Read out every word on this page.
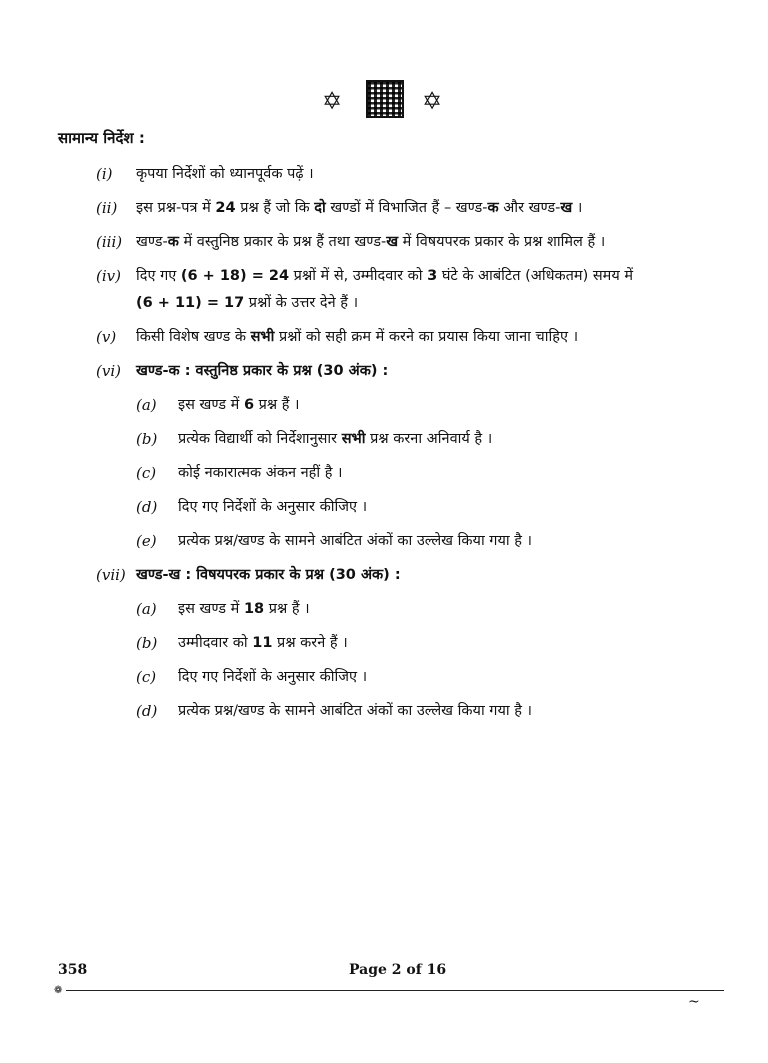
✡	✡
सामान्य निर्देश :
(i) कृपया निर्देशों को ध्यानपूर्वक पढ़ें ।
(ii) इस प्रश्न-पत्र में 24 प्रश्न हैं जो कि दो खण्डों में विभाजित हैं – खण्ड-क और खण्ड-ख ।
(iii) खण्ड-क में वस्तुनिष्ठ प्रकार के प्रश्न हैं तथा खण्ड-ख में विषयपरक प्रकार के प्रश्न शामिल हैं ।
(iv) दिए गए (6 + 18) = 24 प्रश्नों में से, उम्मीदवार को 3 घंटे के आबंटित (अधिकतम) समय में
(6 + 11) = 17 प्रश्नों के उत्तर देने हैं ।
(v) किसी विशेष खण्ड के सभी प्रश्नों को सही क्रम में करने का प्रयास किया जाना चाहिए ।
(vi) खण्ड-क : वस्तुनिष्ठ प्रकार के प्रश्न (30 अंक) :
(a) इस खण्ड में 6 प्रश्न हैं ।
(b) प्रत्येक विद्यार्थी को निर्देशानुसार सभी प्रश्न करना अनिवार्य है ।
(c) कोई नकारात्मक अंकन नहीं है ।
(d) दिए गए निर्देशों के अनुसार कीजिए ।
(e) प्रत्येक प्रश्न/खण्ड के सामने आबंटित अंकों का उल्लेख किया गया है ।
(vii) खण्ड-ख : विषयपरक प्रकार के प्रश्न (30 अंक) :
(a) इस खण्ड में 18 प्रश्न हैं ।
(b) उम्मीदवार को 11 प्रश्न करने हैं ।
(c) दिए गए निर्देशों के अनुसार कीजिए ।
(d) प्रत्येक प्रश्न/खण्ड के सामने आबंटित अंकों का उल्लेख किया गया है ।
358	Page 2 of 16
❁
~
